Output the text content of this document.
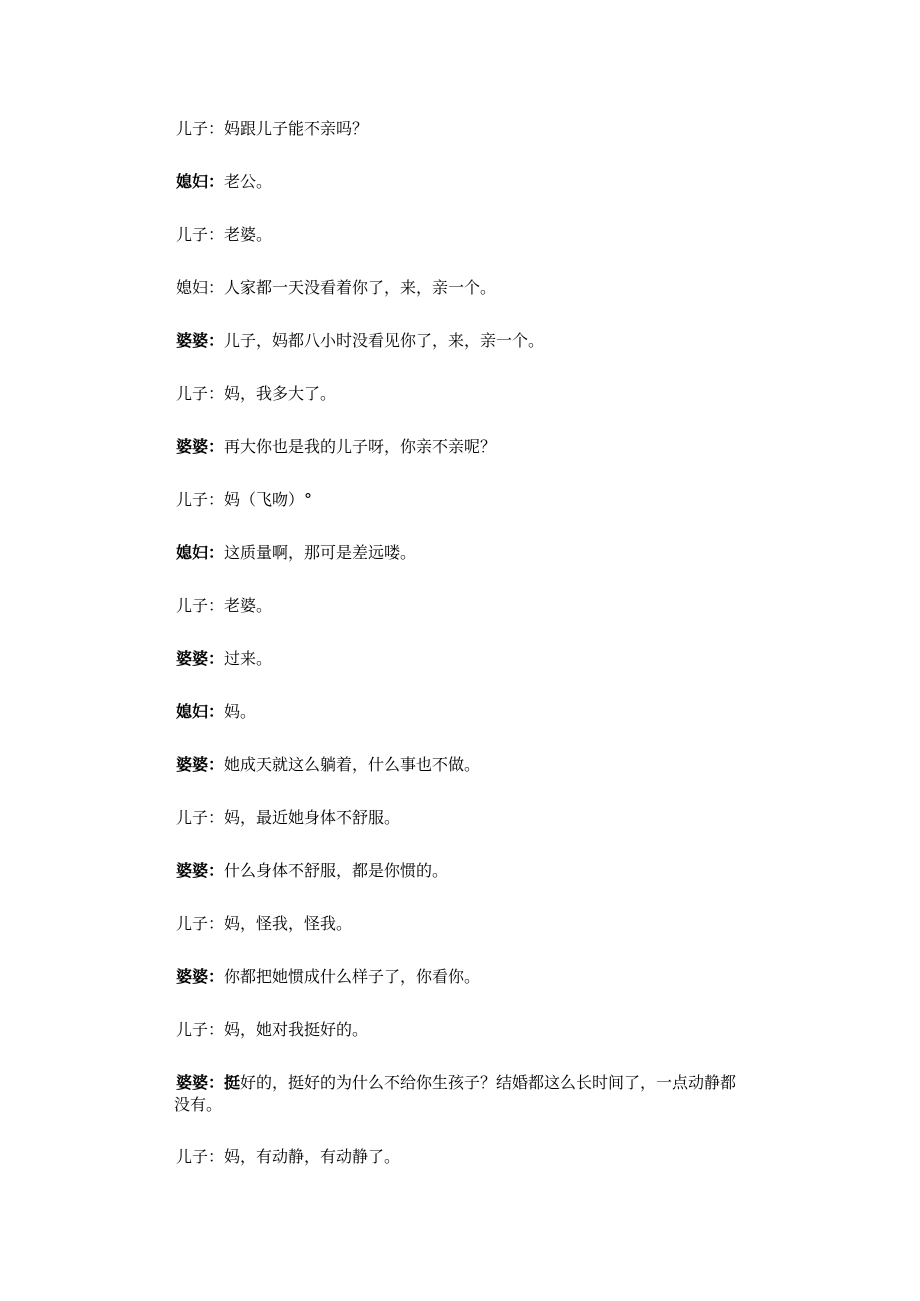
儿子：妈跟儿子能不亲吗？

媳妇：老公。

儿子：老婆。

媳妇：人家都一天没看着你了，来，亲一个。

婆婆：儿子，妈都八小时没看见你了，来，亲一个。

儿子：妈，我多大了。

婆婆：再大你也是我的儿子呀，你亲不亲呢？

儿子：妈（飞吻）°

媳妇：这质量啊，那可是差远喽。

儿子：老婆。

婆婆：过来。

媳妇：妈。

婆婆：她成天就这么躺着，什么事也不做。

儿子：妈，最近她身体不舒服。

婆婆：什么身体不舒服，都是你惯的。

儿子：妈，怪我，怪我。

婆婆：你都把她惯成什么样子了，你看你。

儿子：妈，她对我挺好的。

婆婆：挺好的，挺好的为什么不给你生孩子？结婚都这么长时间了，一点动静都
没有。

儿子：妈，有动静，有动静了。
